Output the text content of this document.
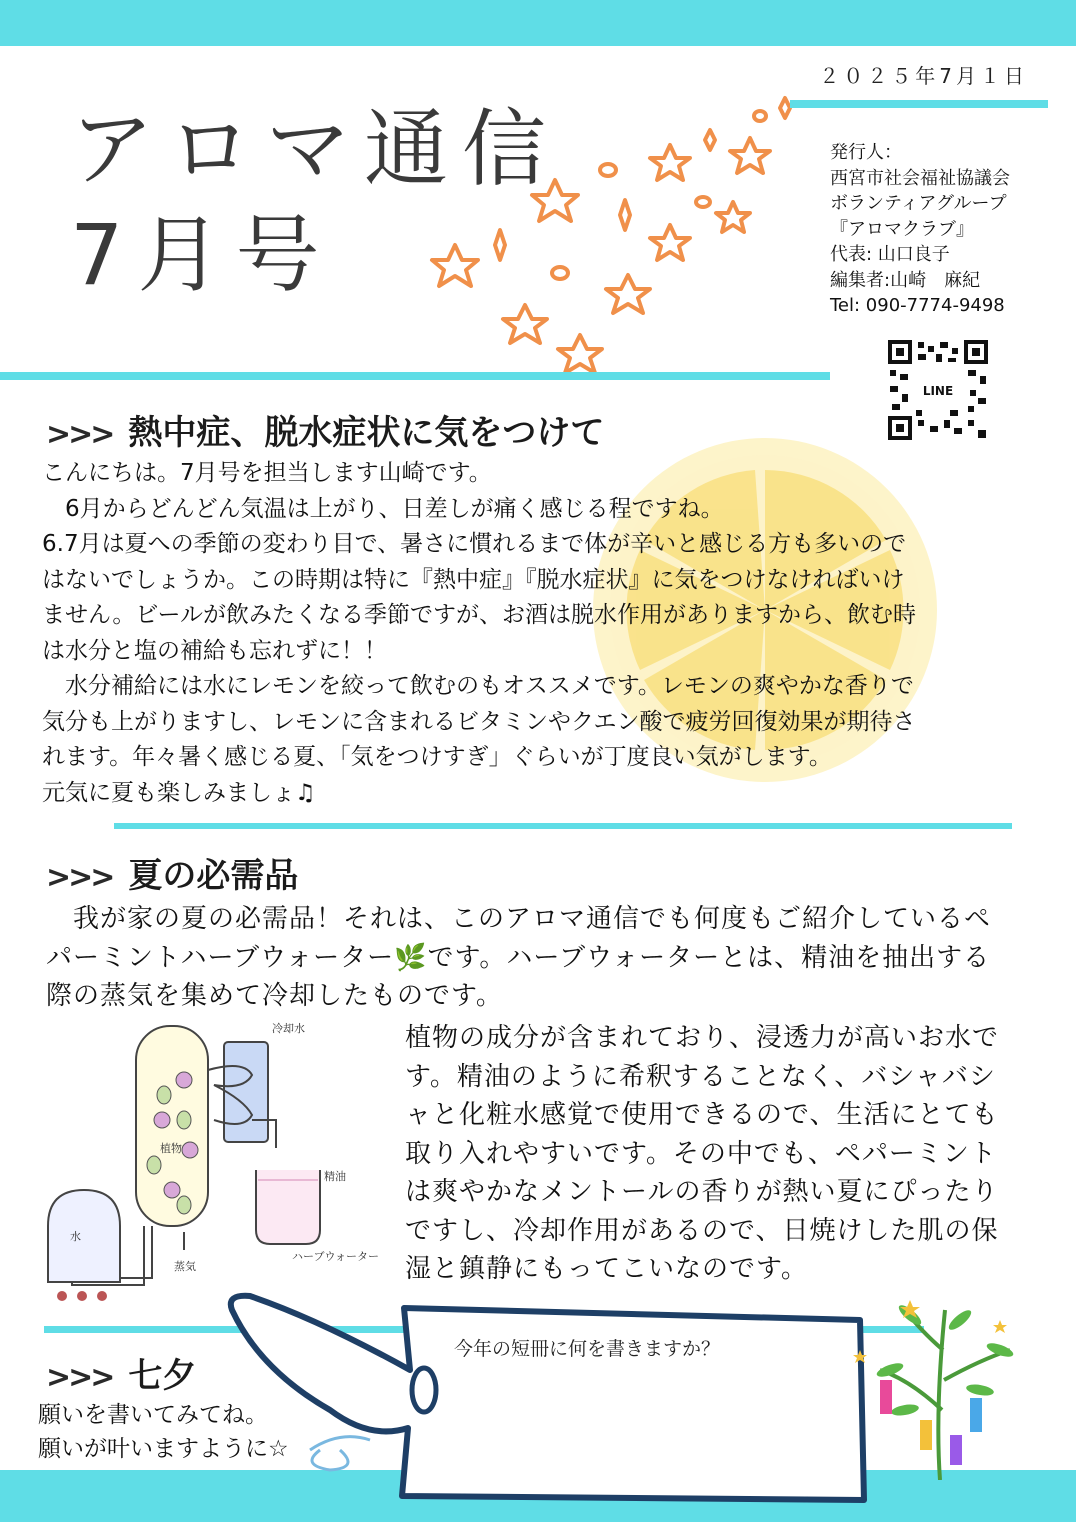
２０２５年7月１日
アロマ通信
7月号
発行人：
西宮市社会福祉協議会
ボランティアグループ
『アロマクラブ』
代表: 山口良子
編集者:山崎　麻紀
Tel: 090-7774-9498
LINE
>>> 熱中症、脱水症状に気をつけて
こんにちは。7月号を担当します山崎です。
　6月からどんどん気温は上がり、日差しが痛く感じる程ですね。
6.7月は夏への季節の変わり目で、暑さに慣れるまで体が辛いと感じる方も多いので
はないでしょうか。この時期は特に『熱中症』『脱水症状』に気をつけなければいけ
ません。ビールが飲みたくなる季節ですが、お酒は脱水作用がありますから、飲む時
は水分と塩の補給も忘れずに！！
　水分補給には水にレモンを絞って飲むのもオススメです。レモンの爽やかな香りで
気分も上がりますし、レモンに含まれるビタミンやクエン酸で疲労回復効果が期待さ
れます。年々暑く感じる夏、「気をつけすぎ」ぐらいが丁度良い気がします。
元気に夏も楽しみましょ♫
>>> 夏の必需品
　我が家の夏の必需品！それは、このアロマ通信でも何度もご紹介しているペ
パーミントハーブウォーター🌿です。ハーブウォーターとは、精油を抽出する
際の蒸気を集めて冷却したものです。
植物の成分が含まれており、浸透力が高いお水で
す。精油のように希釈することなく、バシャバシ
ャと化粧水感覚で使用できるので、生活にとても
取り入れやすいです。その中でも、ペパーミント
は爽やかなメントールの香りが熱い夏にぴったり
ですし、冷却作用があるので、日焼けした肌の保
湿と鎮静にもってこいなのです。
冷却水
植物
精油
ハーブウォーター
蒸気
水
>>> 七夕
願いを書いてみてね。
願いが叶いますように☆
今年の短冊に何を書きますか？
